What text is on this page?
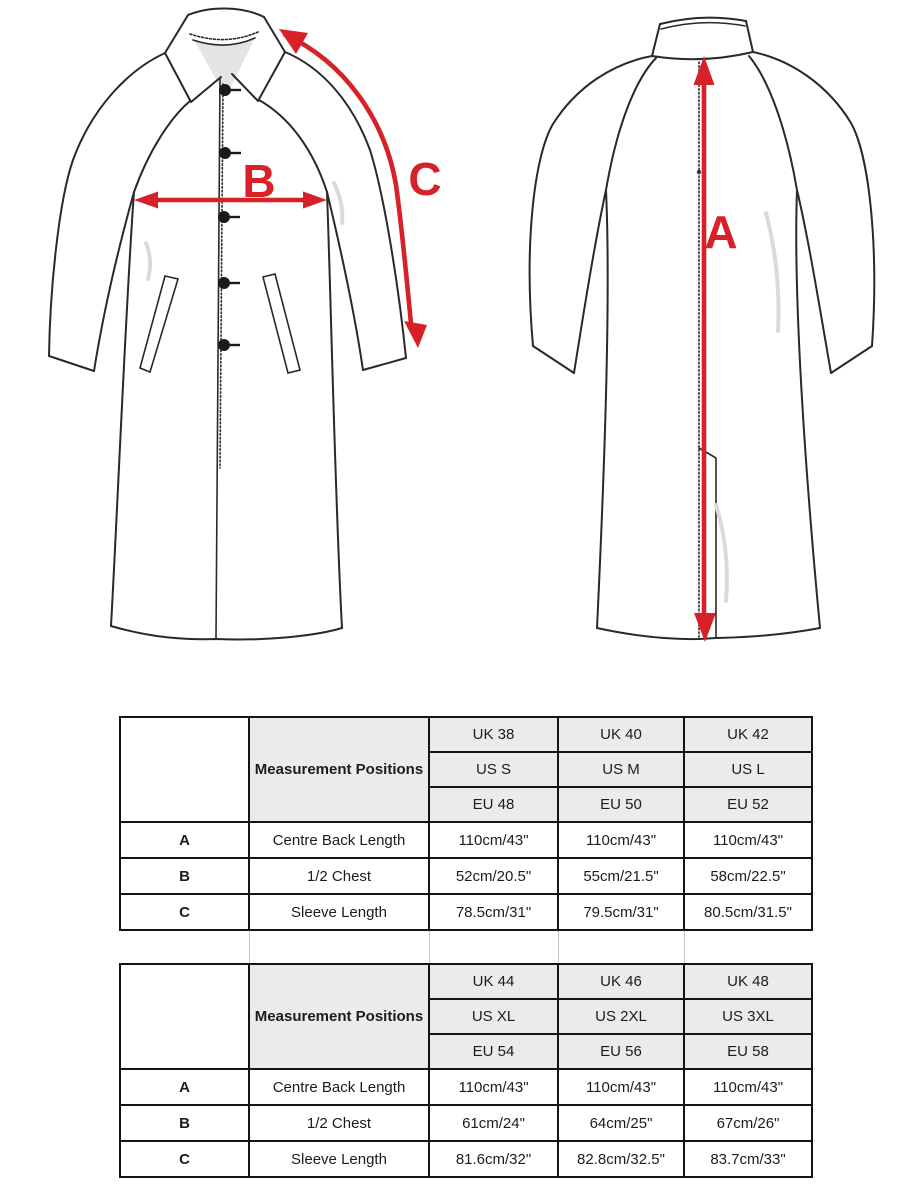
B	C
A
	Measurement Positions	UK 38	UK 40	UK 42
		US S	US M	US L
		EU 48	EU 50	EU 52
A	Centre Back Length	110cm/43"	110cm/43"	110cm/43"
B	1/2 Chest	52cm/20.5"	55cm/21.5"	58cm/22.5"
C	Sleeve Length	78.5cm/31"	79.5cm/31"	80.5cm/31.5"

	Measurement Positions	UK 44	UK 46	UK 48
		US XL	US 2XL	US 3XL
		EU 54	EU 56	EU 58
A	Centre Back Length	110cm/43"	110cm/43"	110cm/43"
B	1/2 Chest	61cm/24"	64cm/25"	67cm/26"
C	Sleeve Length	81.6cm/32"	82.8cm/32.5"	83.7cm/33"
